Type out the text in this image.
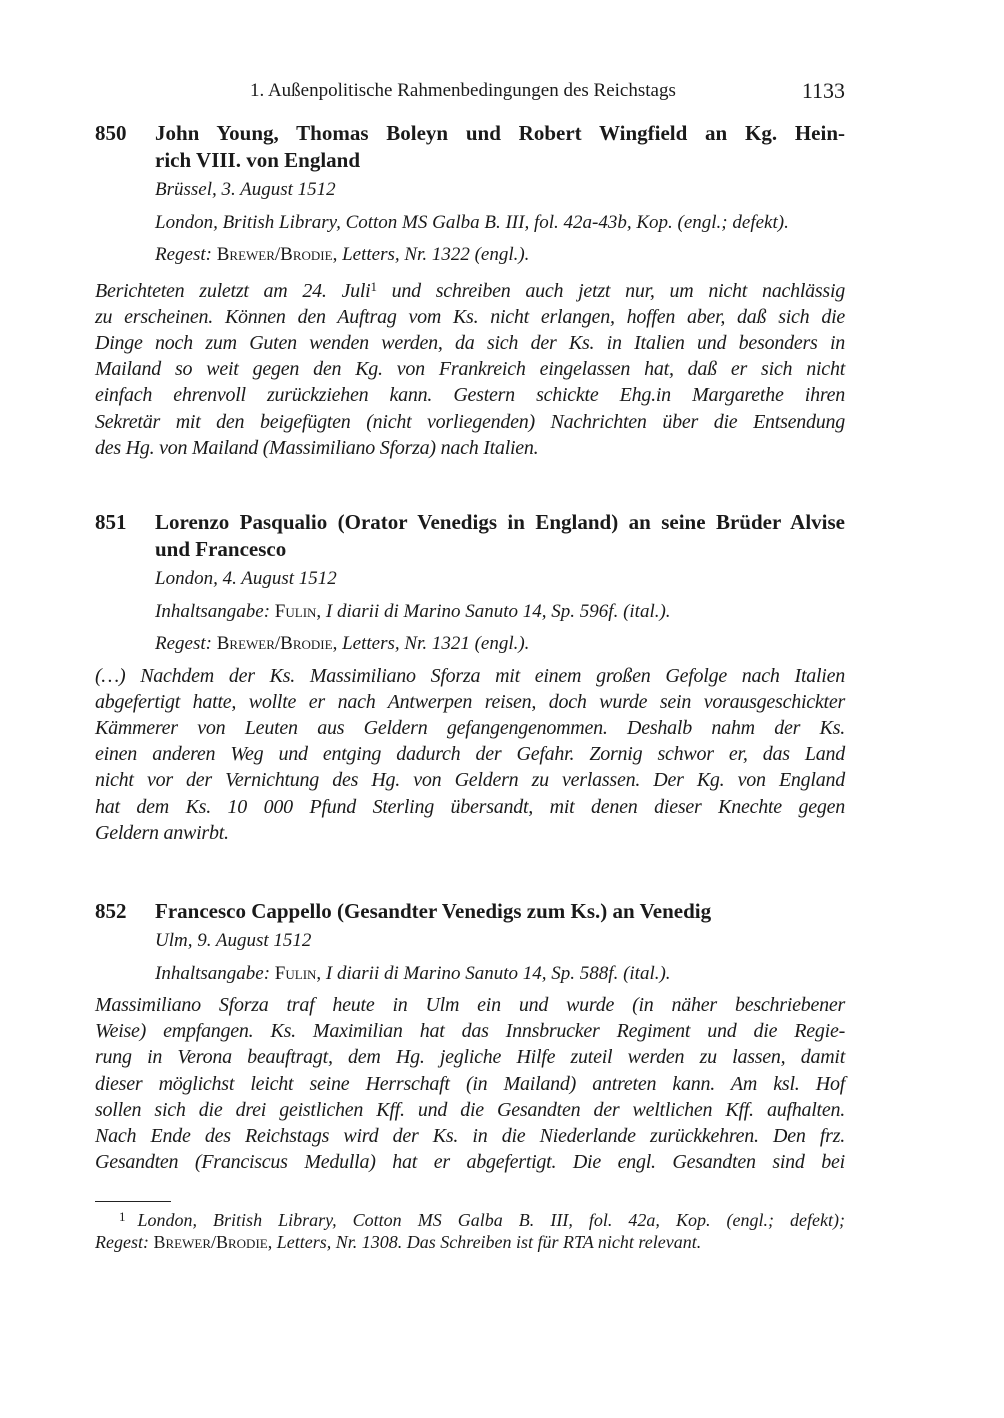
1. Außenpolitische Rahmenbedingungen des Reichstags	1133
850 John Young, Thomas Boleyn und Robert Wingfield an Kg. Hein-
rich VIII. von England
Brüssel, 3. August 1512
London, British Library, Cotton MS Galba B. III, fol. 42a-43b, Kop. (engl.; defekt).
Regest: Brewer/Brodie, Letters, Nr. 1322 (engl.).
Berichteten zuletzt am 24. Juli$^1$ und schreiben auch jetzt nur, um nicht nachlässig
zu erscheinen. Können den Auftrag vom Ks. nicht erlangen, hoffen aber, daß sich die
Dinge noch zum Guten wenden werden, da sich der Ks. in Italien und besonders in
Mailand so weit gegen den Kg. von Frankreich eingelassen hat, daß er sich nicht
einfach ehrenvoll zurückziehen kann. Gestern schickte Ehg.in Margarethe ihren
Sekretär mit den beigefügten (nicht vorliegenden) Nachrichten über die Entsendung
des Hg. von Mailand (Massimiliano Sforza) nach Italien.
851 Lorenzo Pasqualio (Orator Venedigs in England) an seine Brüder Alvise
und Francesco
London, 4. August 1512
Inhaltsangabe: Fulin, I diarii di Marino Sanuto 14, Sp. 596f. (ital.).
Regest: Brewer/Brodie, Letters, Nr. 1321 (engl.).
(…) Nachdem der Ks. Massimiliano Sforza mit einem großen Gefolge nach Italien
abgefertigt hatte, wollte er nach Antwerpen reisen, doch wurde sein vorausgeschickter
Kämmerer von Leuten aus Geldern gefangengenommen. Deshalb nahm der Ks.
einen anderen Weg und entging dadurch der Gefahr. Zornig schwor er, das Land
nicht vor der Vernichtung des Hg. von Geldern zu verlassen. Der Kg. von England
hat dem Ks. 10 000 Pfund Sterling übersandt, mit denen dieser Knechte gegen
Geldern anwirbt.
852 Francesco Cappello (Gesandter Venedigs zum Ks.) an Venedig
Ulm, 9. August 1512
Inhaltsangabe: Fulin, I diarii di Marino Sanuto 14, Sp. 588f. (ital.).
Massimiliano Sforza traf heute in Ulm ein und wurde (in näher beschriebener
Weise) empfangen. Ks. Maximilian hat das Innsbrucker Regiment und die Regie-
rung in Verona beauftragt, dem Hg. jegliche Hilfe zuteil werden zu lassen, damit
dieser möglichst leicht seine Herrschaft (in Mailand) antreten kann. Am ksl. Hof
sollen sich die drei geistlichen Kff. und die Gesandten der weltlichen Kff. aufhalten.
Nach Ende des Reichstags wird der Ks. in die Niederlande zurückkehren. Den frz.
Gesandten (Franciscus Medulla) hat er abgefertigt. Die engl. Gesandten sind bei
$^1$ London, British Library, Cotton MS Galba B. III, fol. 42a, Kop. (engl.; defekt);
Regest: Brewer/Brodie, Letters, Nr. 1308. Das Schreiben ist für RTA nicht relevant.
